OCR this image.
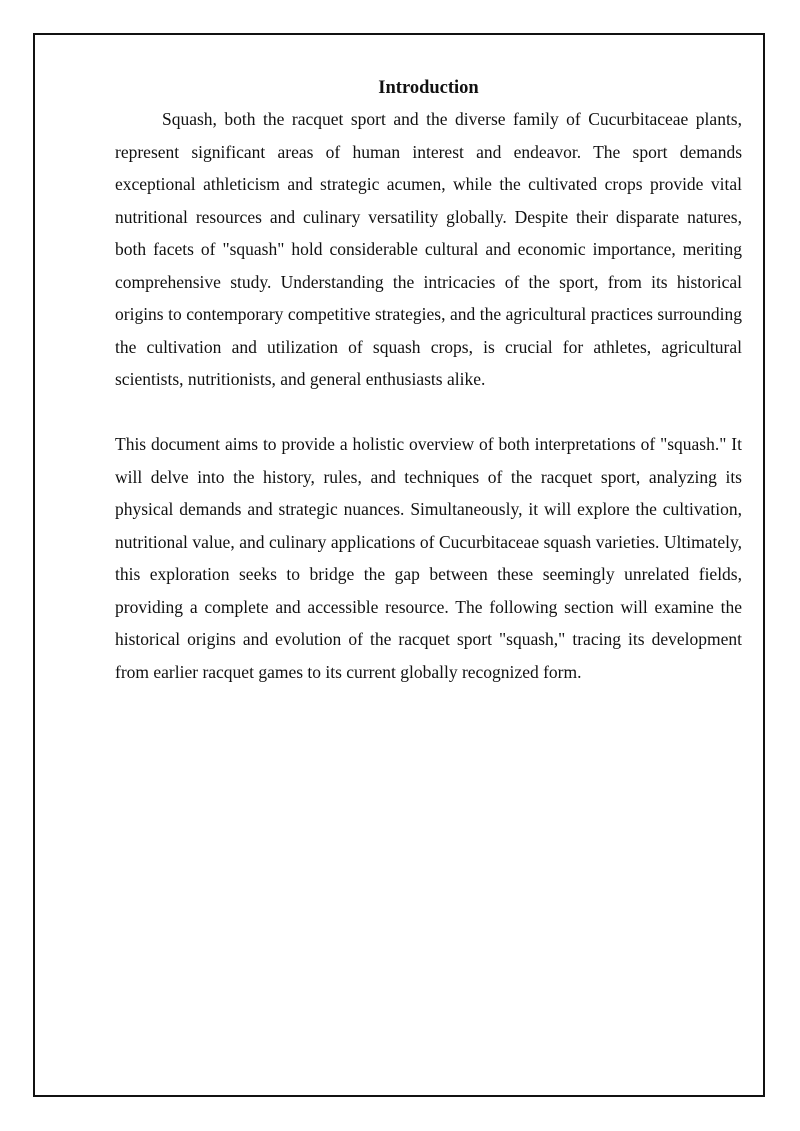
Introduction

Squash, both the racquet sport and the diverse family of Cucurbitaceae plants, represent significant areas of human interest and endeavor. The sport demands exceptional athleticism and strategic acumen, while the cultivated crops provide vital nutritional resources and culinary versatility globally. Despite their disparate natures, both facets of "squash" hold considerable cultural and economic importance, meriting comprehensive study. Understanding the intricacies of the sport, from its historical origins to contemporary competitive strategies, and the agricultural practices surrounding the cultivation and utilization of squash crops, is crucial for athletes, agricultural scientists, nutritionists, and general enthusiasts alike.

This document aims to provide a holistic overview of both interpretations of "squash." It will delve into the history, rules, and techniques of the racquet sport, analyzing its physical demands and strategic nuances. Simultaneously, it will explore the cultivation, nutritional value, and culinary applications of Cucurbitaceae squash varieties. Ultimately, this exploration seeks to bridge the gap between these seemingly unrelated fields, providing a complete and accessible resource. The following section will examine the historical origins and evolution of the racquet sport "squash," tracing its development from earlier racquet games to its current globally recognized form.
